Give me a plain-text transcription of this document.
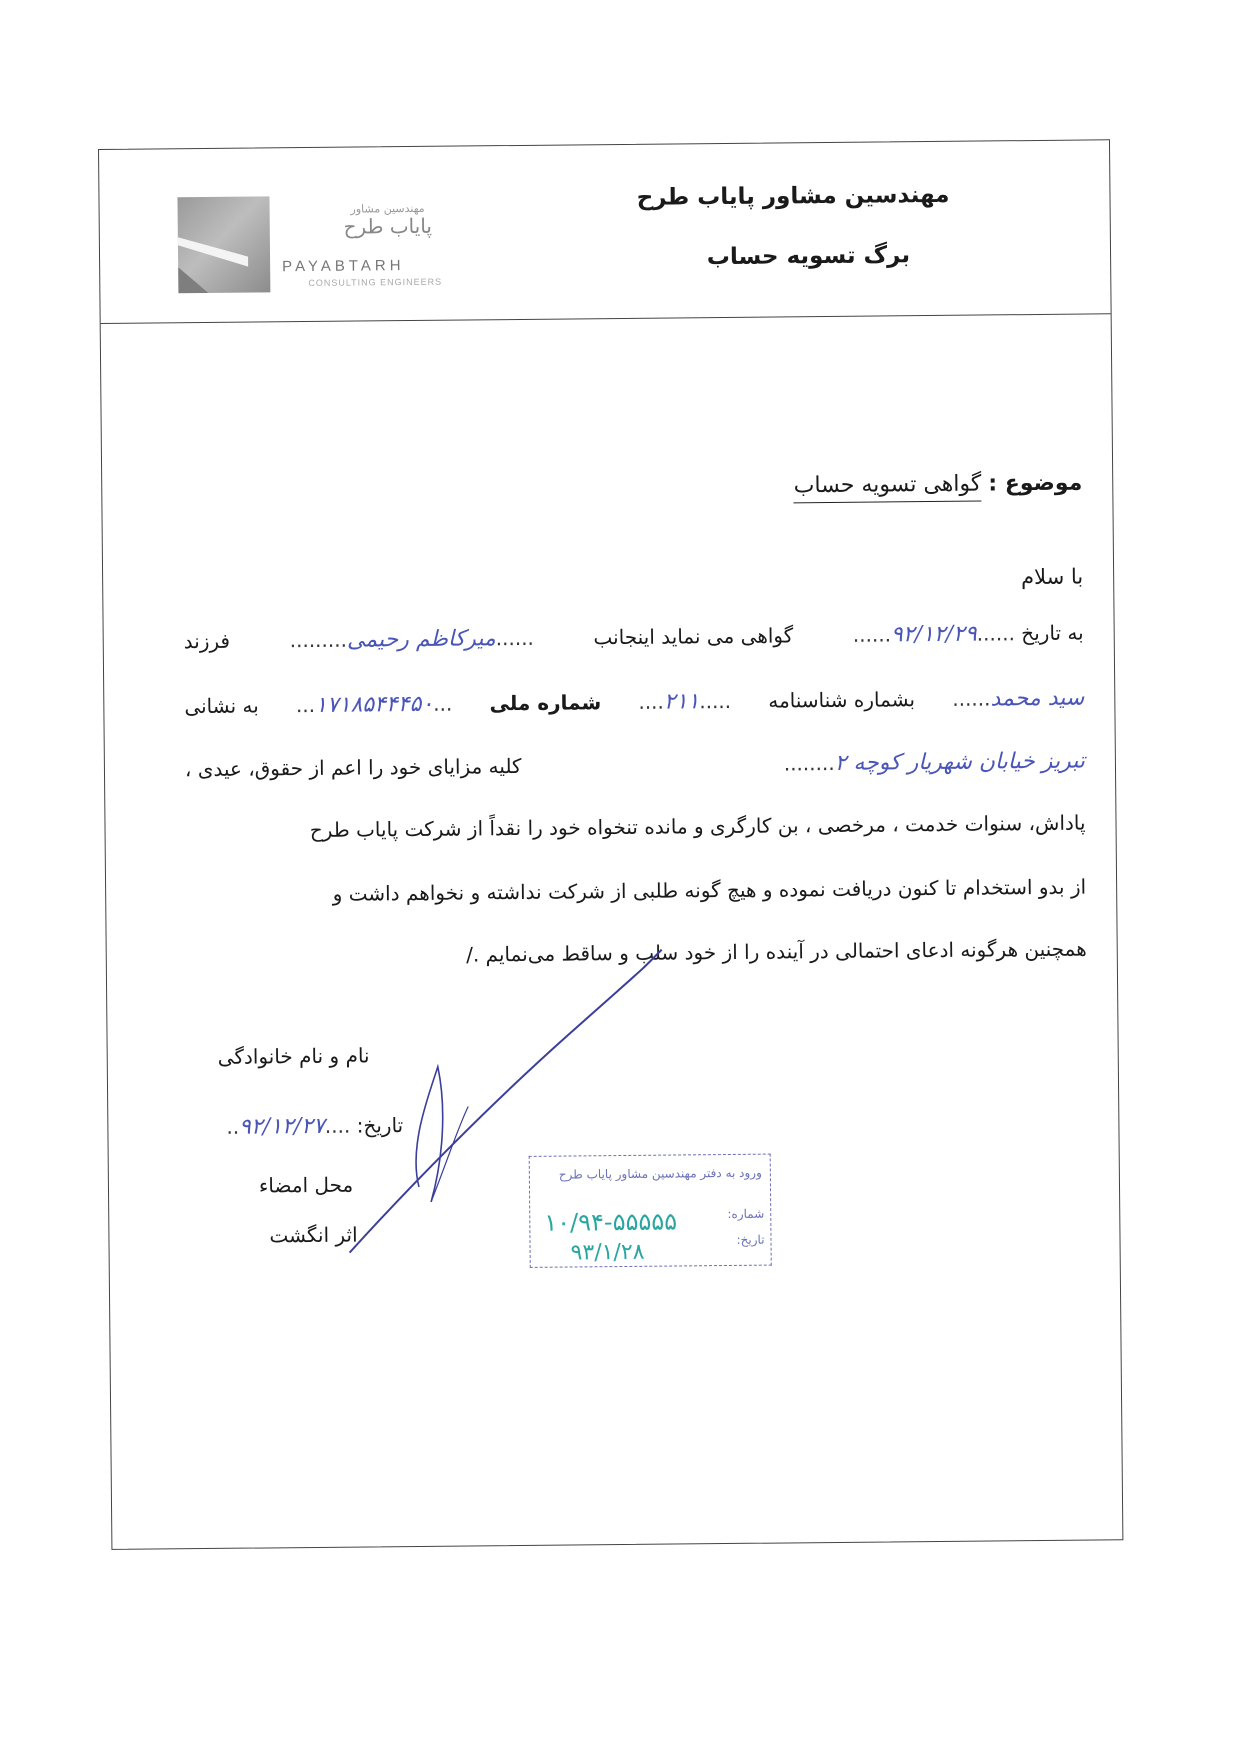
مهندسین مشاور
پایاب طرح
PAYABTARH
CONSULTING ENGINEERS
مهندسین مشاور پایاب طرح
برگ تسویه حساب
موضوع : گواهی تسویه حساب
با سلام
به تاریخ ......۹۲/۱۲/۲۹......
گواهی می نماید اینجانب
......میرکاظم رحیمی.........
فرزند
سید محمد......
بشماره شناسنامه
.....۲۱۱....
شماره ملی
...۱۷۱۸۵۴۴۴۵۰...
به نشانی
تبریز خیابان شهریار کوچه ۲........
کلیه مزایای خود را اعم از حقوق، عیدی ،
پاداش، سنوات خدمت ، مرخصی ، بن کارگری و مانده تنخواه خود را نقداً از شرکت پایاب طرح
از بدو استخدام تا کنون دریافت نموده و هیچ گونه طلبی از شرکت نداشته و نخواهم داشت و
همچنین هرگونه ادعای احتمالی در آینده را از خود سلب و ساقط می‌نمایم ./
نام و نام خانوادگی
تاریخ: ....۹۲/۱۲/۲۷..
محل امضاء
اثر انگشت
ورود به دفتر مهندسین مشاور پایاب طرح
شماره:
تاریخ:
۱۰/۹۴-۵۵۵۵۵
۹۳/۱/۲۸
